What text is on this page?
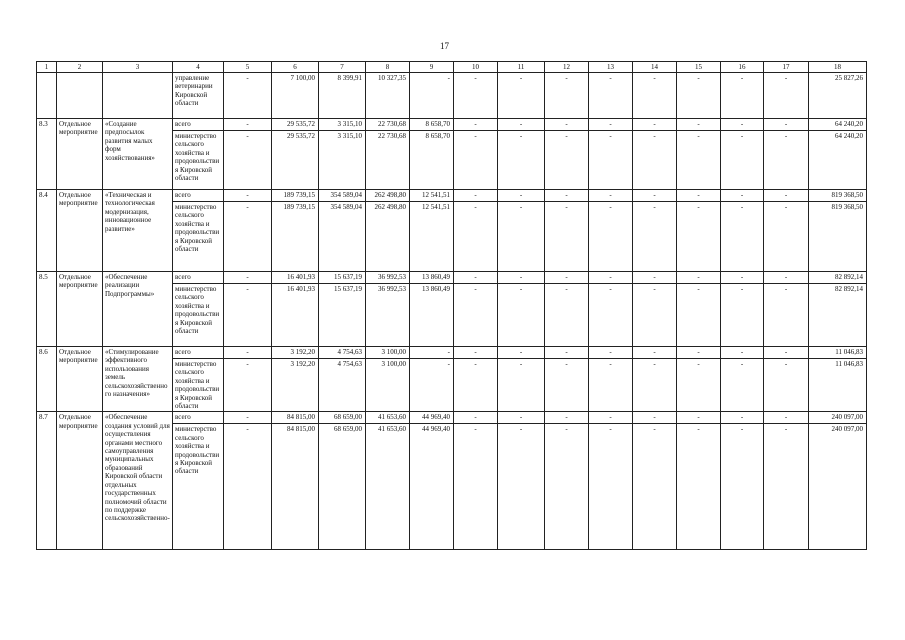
17
1	2	3	4	5	6	7	8	9	10	11	12	13	14	15	16	17	18
			управление ветеринарии Кировской области	-	7 100,00	8 399,91	10 327,35	-	-	-	-	-	-	-	-	-	25 827,26
8.3	Отдельное мероприятие	«Создание предпосылок развития малых форм хозяйствования»	всего	-	29 535,72	3 315,10	22 730,68	8 658,70	-	-	-	-	-	-	-	-	64 240,20
			министерство сельского хозяйства и продовольствия Кировской области	-	29 535,72	3 315,10	22 730,68	8 658,70	-	-	-	-	-	-	-	-	64 240,20
8.4	Отдельное мероприятие	«Техническая и технологическая модернизация, инновационное развитие»	всего	-	189 739,15	354 589,04	262 498,80	12 541,51	-	-	-	-	-	-	-	-	819 368,50
			министерство сельского хозяйства и продовольствия Кировской области	-	189 739,15	354 589,04	262 498,80	12 541,51	-	-	-	-	-	-	-	-	819 368,50
8.5	Отдельное мероприятие	«Обеспечение реализации Подпрограммы»	всего	-	16 401,93	15 637,19	36 992,53	13 860,49	-	-	-	-	-	-	-	-	82 892,14
			министерство сельского хозяйства и продовольствия Кировской области	-	16 401,93	15 637,19	36 992,53	13 860,49	-	-	-	-	-	-	-	-	82 892,14
8.6	Отдельное мероприятие	«Стимулирование эффективного использования земель сельскохозяйственного назначения»	всего	-	3 192,20	4 754,63	3 100,00	-	-	-	-	-	-	-	-	-	11 046,83
			министерство сельского хозяйства и продовольствия Кировской области	-	3 192,20	4 754,63	3 100,00	-	-	-	-	-	-	-	-	-	11 046,83
8.7	Отдельное мероприятие	«Обеспечение создания условий для осуществления органами местного самоуправления муниципальных образований Кировской области отдельных государственных полномочий области по поддержке сельскохозяйственно-	всего	-	84 815,00	68 659,00	41 653,60	44 969,40	-	-	-	-	-	-	-	-	240 097,00
			министерство сельского хозяйства и продовольствия Кировской области	-	84 815,00	68 659,00	41 653,60	44 969,40	-	-	-	-	-	-	-	-	240 097,00
